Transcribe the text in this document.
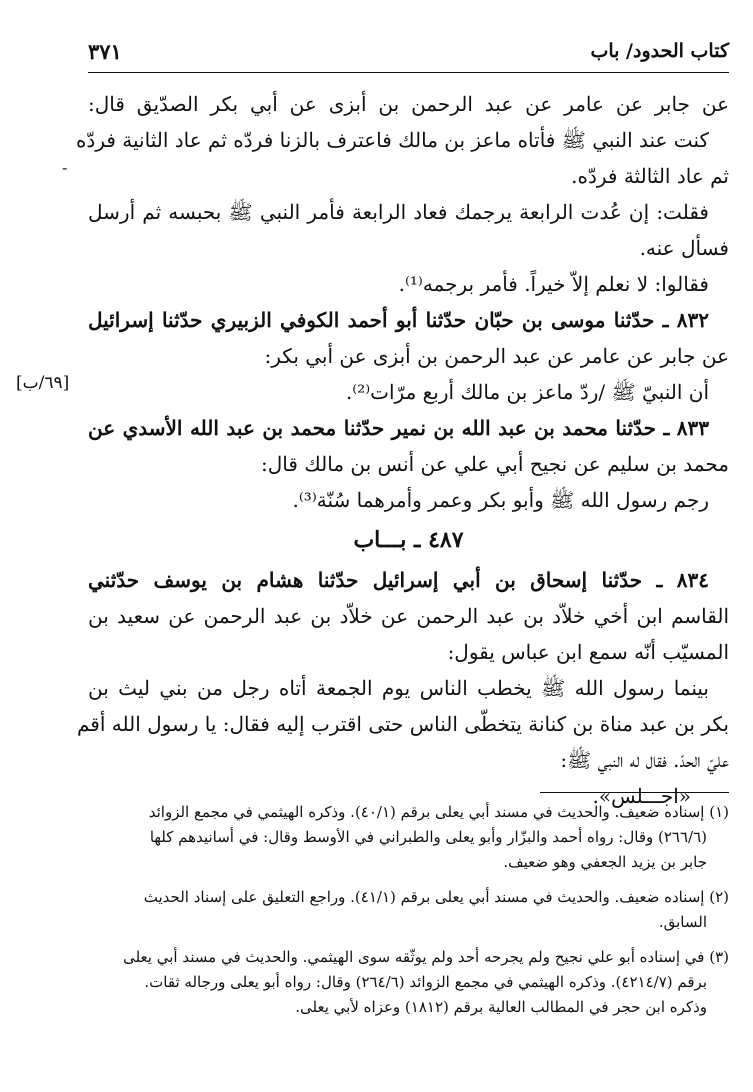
٣٧١	كتاب الحدود/ باب
-
[٦٩/ب]
عن جابر عن عامر عن عبد الرحمن بن أبزى عن أبي بكر الصدّيق قال:
كنت عند النبي ﷺ فأتاه ماعز بن مالك فاعترف بالزنا فردّه ثم عاد الثانية فردّه
ثم عاد الثالثة فردّه.
فقلت: إن عُدت الرابعة يرجمك فعاد الرابعة فأمر النبي ﷺ بحبسه ثم أرسل
فسأل عنه.
فقالوا: لا نعلم إلاّ خيراً. فأمر برجمه⁽¹⁾.
٨٣٢ ـ حدّثنا موسى بن حبّان حدّثنا أبو أحمد الكوفي الزبيري حدّثنا إسرائيل
عن جابر عن عامر عن عبد الرحمن بن أبزى عن أبي بكر:
أن النبيّ ﷺ /ردّ ماعز بن مالك أربع مرّات⁽²⁾.
٨٣٣ ـ حدّثنا محمد بن عبد الله بن نمير حدّثنا محمد بن عبد الله الأسدي عن
محمد بن سليم عن نجيح أبي علي عن أنس بن مالك قال:
رجم رسول الله ﷺ وأبو بكر وعمر وأمرهما سُنّة⁽³⁾.
٤٨٧ ـ بـــاب
٨٣٤ ـ حدّثنا إسحاق بن أبي إسرائيل حدّثنا هشام بن يوسف حدّثني
القاسم ابن أخي خلاّد بن عبد الرحمن عن خلاّد بن عبد الرحمن عن سعيد بن
المسيّب أنّه سمع ابن عباس يقول:
بينما رسول الله ﷺ يخطب الناس يوم الجمعة أتاه رجل من بني ليث بن
بكر بن عبد مناة بن كنانة يتخطّى الناس حتى اقترب إليه فقال: يا رسول الله أقم
عليّ الحدّ. فقال له النبي ﷺ:
«اجـــلس».
(١) إسناده ضعيف. والحديث في مسند أبي يعلى برقم (٤٠/١). وذكره الهيثمي في مجمع الزوائد
(٢٦٦/٦) وقال: رواه أحمد والبزّار وأبو يعلى والطبراني في الأوسط وقال: في أسانيدهم كلها
جابر بن يزيد الجعفي وهو ضعيف.
(٢) إسناده ضعيف. والحديث في مسند أبي يعلى برقم (٤١/١). وراجع التعليق على إسناد الحديث
السابق.
(٣) في إسناده أبو علي نجيح ولم يجرحه أحد ولم يوثّقه سوى الهيثمي. والحديث في مسند أبي يعلى
برقم (٤٢١٤/٧). وذكره الهيثمي في مجمع الزوائد (٢٦٤/٦) وقال: رواه أبو يعلى ورجاله ثقات.
وذكره ابن حجر في المطالب العالية برقم (١٨١٢) وعزاه لأبي يعلى.
